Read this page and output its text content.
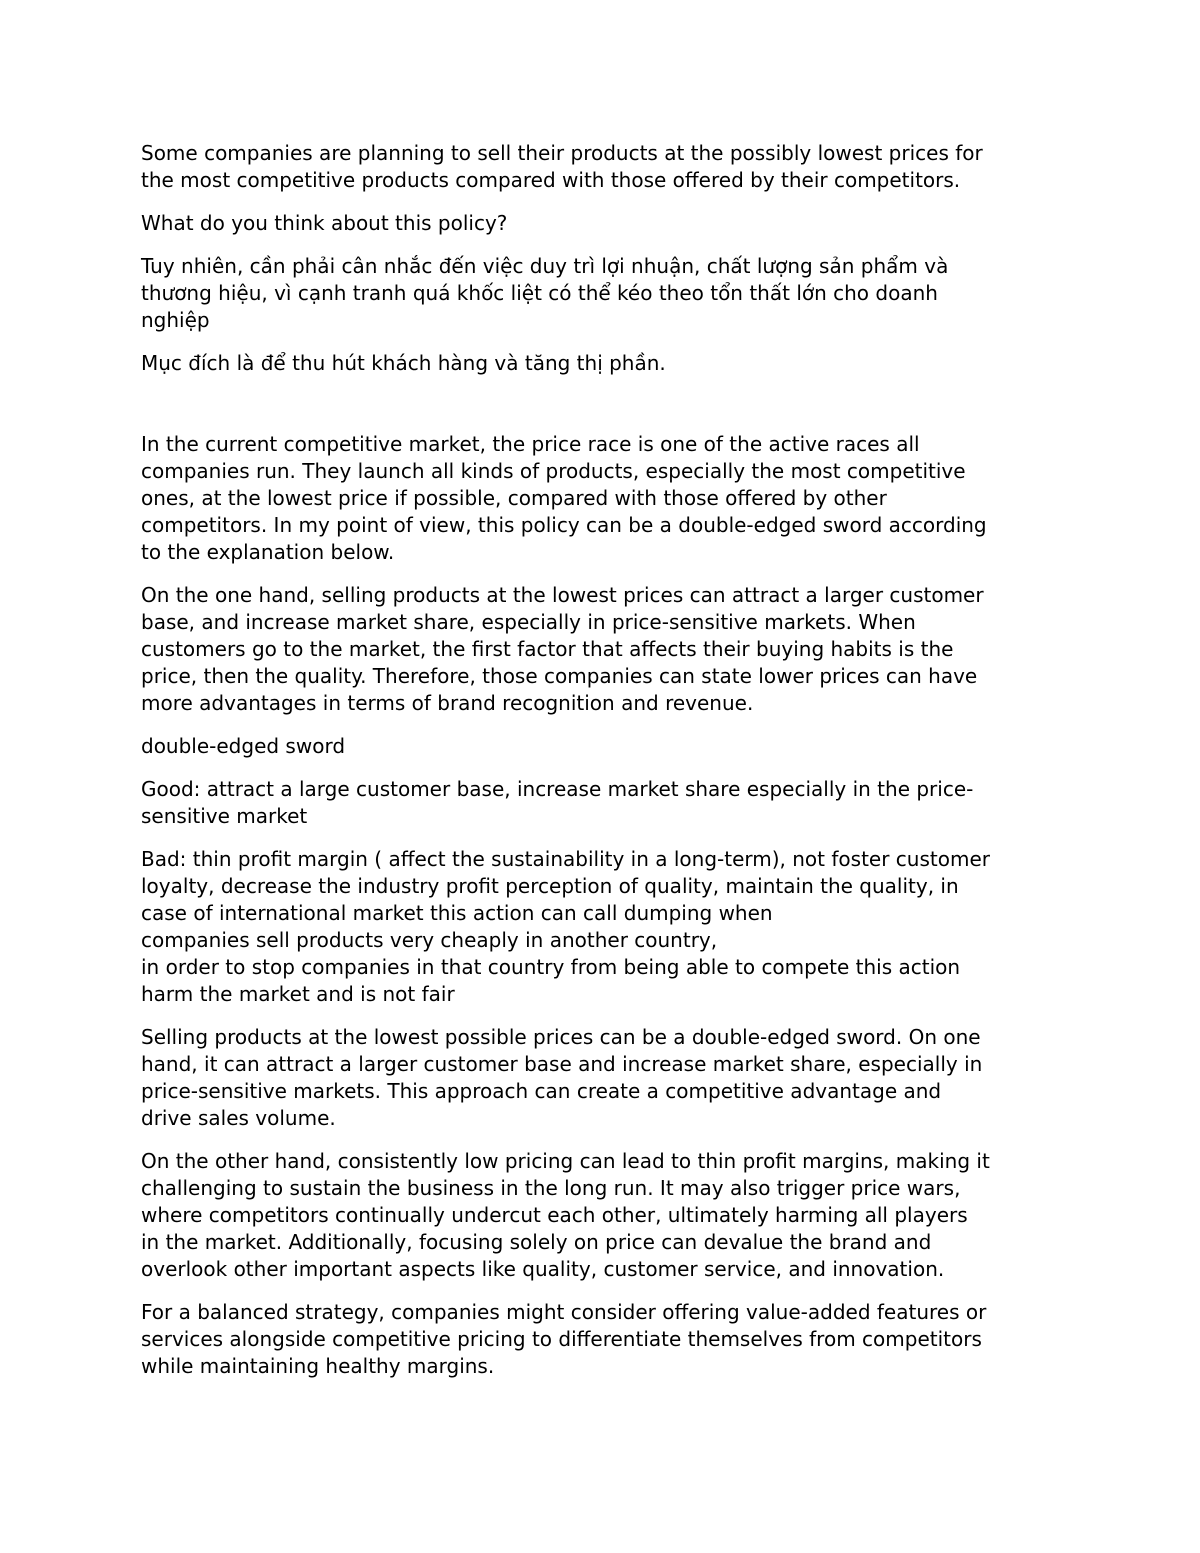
Some companies are planning to sell their products at the possibly lowest prices for
the most competitive products compared with those offered by their competitors.

What do you think about this policy?

Tuy nhiên, cần phải cân nhắc đến việc duy trì lợi nhuận, chất lượng sản phẩm và
thương hiệu, vì cạnh tranh quá khốc liệt có thể kéo theo tổn thất lớn cho doanh
nghiệp

Mục đích là để thu hút khách hàng và tăng thị phần.

In the current competitive market, the price race is one of the active races all
companies run. They launch all kinds of products, especially the most competitive
ones, at the lowest price if possible, compared with those offered by other
competitors. In my point of view, this policy can be a double-edged sword according
to the explanation below.

On the one hand, selling products at the lowest prices can attract a larger customer
base, and increase market share, especially in price-sensitive markets. When
customers go to the market, the first factor that affects their buying habits is the
price, then the quality. Therefore, those companies can state lower prices can have
more advantages in terms of brand recognition and revenue.

double-edged sword

Good: attract a large customer base, increase market share especially in the price-
sensitive market

Bad: thin profit margin ( affect the sustainability in a long-term), not foster customer
loyalty, decrease the industry profit perception of quality, maintain the quality, in
case of international market this action can call dumping when
companies sell products very cheaply in another country,
in order to stop companies in that country from being able to compete this action
harm the market and is not fair

Selling products at the lowest possible prices can be a double-edged sword. On one
hand, it can attract a larger customer base and increase market share, especially in
price-sensitive markets. This approach can create a competitive advantage and
drive sales volume.

On the other hand, consistently low pricing can lead to thin profit margins, making it
challenging to sustain the business in the long run. It may also trigger price wars,
where competitors continually undercut each other, ultimately harming all players
in the market. Additionally, focusing solely on price can devalue the brand and
overlook other important aspects like quality, customer service, and innovation.

For a balanced strategy, companies might consider offering value-added features or
services alongside competitive pricing to differentiate themselves from competitors
while maintaining healthy margins.
